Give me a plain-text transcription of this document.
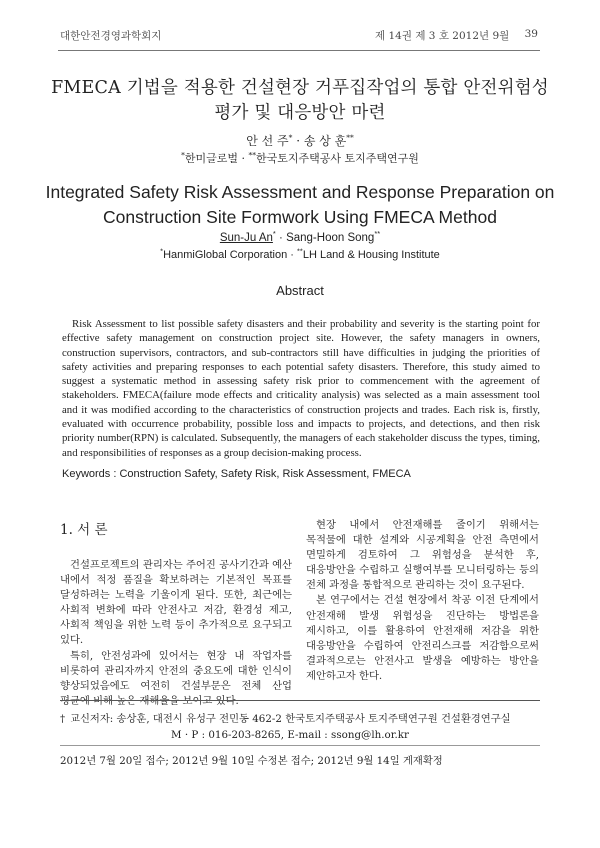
대한안전경영과학회지	제 14권 제 3 호 2012년 9월 39
FMECA 기법을 적용한 건설현장 거푸집작업의 통합 안전위험성
평가 및 대응방안 마련
안 선 주* · 송 상 훈**
*한미글로벌 · **한국토지주택공사 토지주택연구원
Integrated Safety Risk Assessment and Response Preparation on
Construction Site Formwork Using FMECA Method
Sun-Ju An* · Sang-Hoon Song**
*HanmiGlobal Corporation · **LH Land & Housing Institute
Abstract

Risk Assessment to list possible safety disasters and their probability and severity is the starting point for effective safety management on construction project site. However, the safety managers in owners, construction supervisors, contractors, and sub-contractors still have difficulties in judging the priorities of safety activities and preparing responses to each potential safety disasters. Therefore, this study aimed to suggest a systematic method in assessing safety risk prior to commencement with the agreement of stakeholders. FMECA(failure mode effects and criticality analysis) was selected as a main assessment tool and it was modified according to the characteristics of construction projects and trades. Each risk is, firstly, evaluated with occurrence probability, possible loss and impacts to projects, and detections, and then risk priority number(RPN) is calculated. Subsequently, the managers of each stakeholder discuss the types, timing, and responsibilities of responses as a group decision-making process.

Keywords : Construction Safety, Safety Risk, Risk Assessment, FMECA
1. 서 론

건설프로젝트의 관리자는 주어진 공사기간과 예산 내에서 적정 품질을 확보하려는 기본적인 목표를 달성하려는 노력을 기울이게 된다. 또한, 최근에는 사회적 변화에 따라 안전사고 저감, 환경성 제고, 사회적 책임을 위한 노력 등이 추가적으로 요구되고 있다.

특히, 안전성과에 있어서는 현장 내 작업자를 비롯하여 관리자까지 안전의 중요도에 대한 인식이 향상되었음에도 여전히 건설부문은 전체 산업 평균에 비해 높은 재해율을 보이고 있다.

현장 내에서 안전재해를 줄이기 위해서는 목적물에 대한 설계와 시공계획을 안전 측면에서 면밀하게 검토하여 그 위험성을 분석한 후, 대응방안을 수립하고 실행여부를 모니터링하는 등의 전체 과정을 통합적으로 관리하는 것이 요구된다.

본 연구에서는 건설 현장에서 착공 이전 단계에서 안전재해 발생 위험성을 진단하는 방법론을 제시하고, 이를 활용하여 안전재해 저감을 위한 대응방안을 수립하여 안전리스크를 저감함으로써 결과적으로는 안전사고 발생을 예방하는 방안을 제안하고자 한다.

† 교신저자: 송상훈, 대전시 유성구 전민동 462-2 한국토지주택공사 토지주택연구원 건설환경연구실
M · P : 016-203-8265, E-mail : ssong@lh.or.kr
2012년 7월 20일 접수; 2012년 9월 10일 수정본 접수; 2012년 9월 14일 게재확정
